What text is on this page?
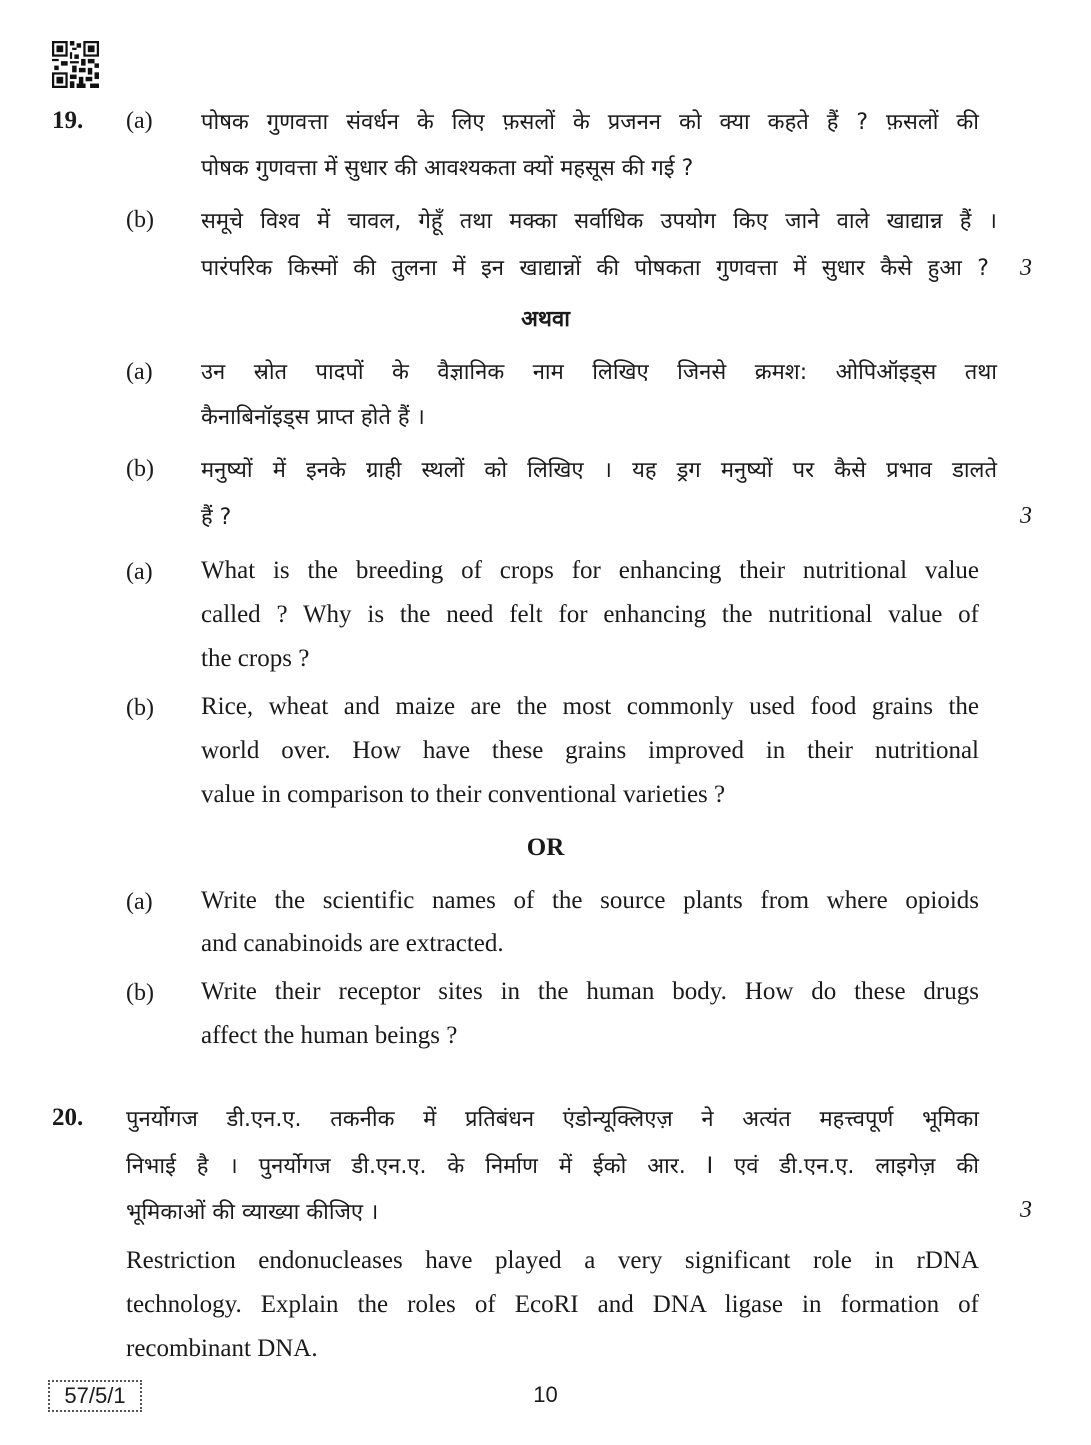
19. (a) पोषक गुणवत्ता संवर्धन के लिए फ़सलों के प्रजनन को क्या कहते हैं ? फ़सलों की
पोषक गुणवत्ता में सुधार की आवश्यकता क्यों महसूस की गई ?
(b) समूचे विश्व में चावल, गेहूँ तथा मक्का सर्वाधिक उपयोग किए जाने वाले खाद्यान्न हैं ।
पारंपरिक किस्मों की तुलना में इन खाद्यान्नों की पोषकता गुणवत्ता में सुधार कैसे हुआ ? 3
अथवा
(a) उन स्रोत पादपों के वैज्ञानिक नाम लिखिए जिनसे क्रमश: ओपिऑइड्स तथा
कैनाबिनॉइड्स प्राप्त होते हैं ।
(b) मनुष्यों में इनके ग्राही स्थलों को लिखिए । यह ड्रग मनुष्यों पर कैसे प्रभाव डालते
हैं ?	3
(a) What is the breeding of crops for enhancing their nutritional value
called ? Why is the need felt for enhancing the nutritional value of
the crops ?
(b) Rice, wheat and maize are the most commonly used food grains the
world over. How have these grains improved in their nutritional
value in comparison to their conventional varieties ?
OR
(a) Write the scientific names of the source plants from where opioids
and canabinoids are extracted.
(b) Write their receptor sites in the human body. How do these drugs
affect the human beings ?
20. पुनर्योगज डी.एन.ए. तकनीक में प्रतिबंधन एंडोन्यूक्लिएज़ ने अत्यंत महत्त्वपूर्ण भूमिका
निभाई है । पुनर्योगज डी.एन.ए. के निर्माण में ईको आर. I एवं डी.एन.ए. लाइगेज़ की
भूमिकाओं की व्याख्या कीजिए ।	3
Restriction endonucleases have played a very significant role in rDNA
technology. Explain the roles of EcoRI and DNA ligase in formation of
recombinant DNA.
57/5/1	10
